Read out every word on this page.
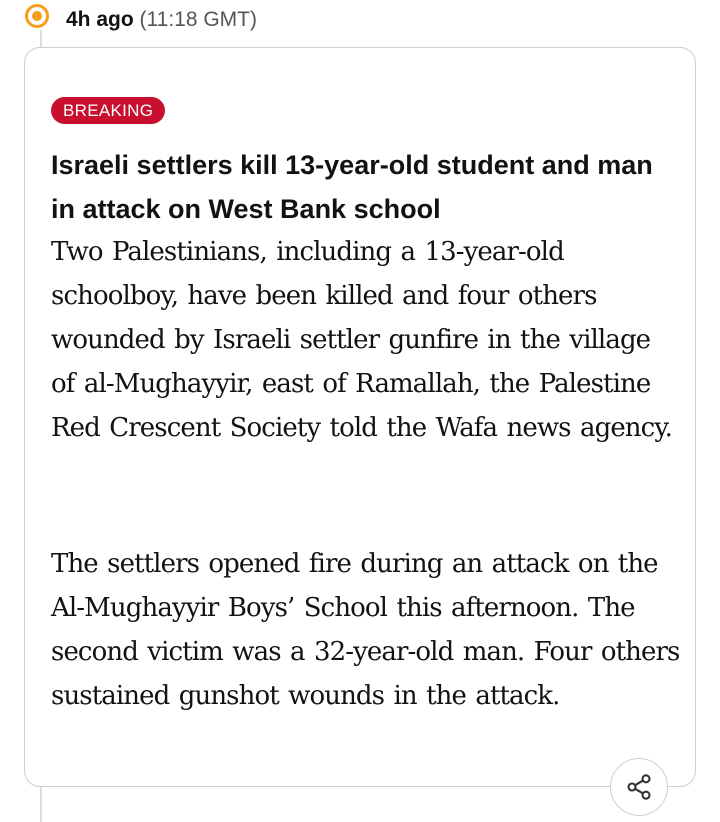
4h ago (11:18 GMT)
BREAKING
Israeli settlers kill 13-year-old student and man in attack on West Bank school

Two Palestinians, including a 13-year-old schoolboy, have been killed and four others wounded by Israeli settler gunfire in the village of al-Mughayyir, east of Ramallah, the Palestine Red Crescent Society told the Wafa news agency.

The settlers opened fire during an attack on the Al-Mughayyir Boys’ School this afternoon. The second victim was a 32-year-old man. Four others sustained gunshot wounds in the attack.
